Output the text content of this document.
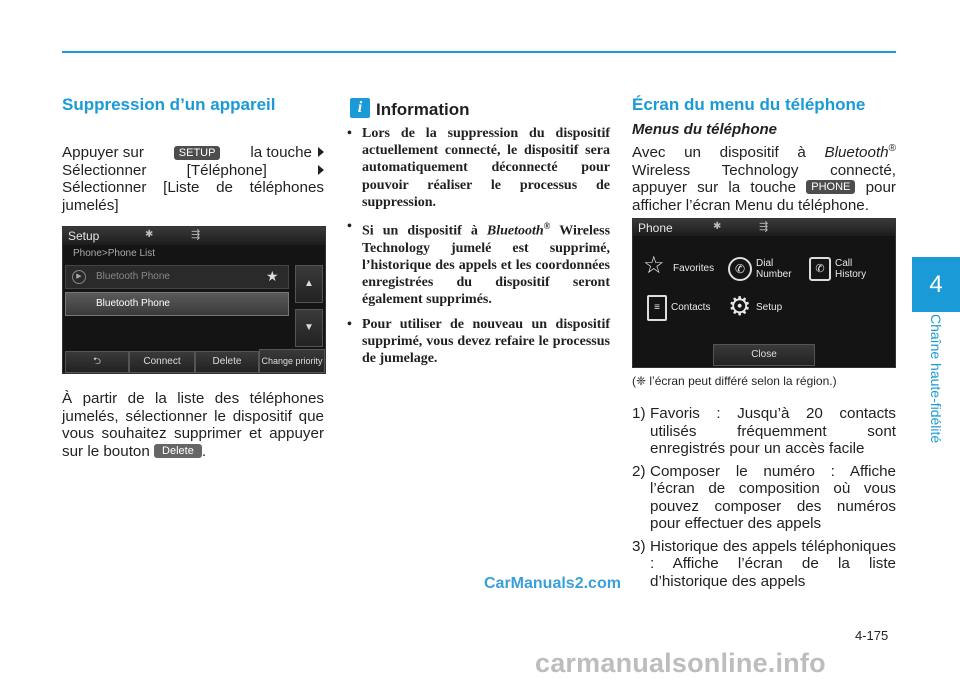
4
Chaîne haute-fidélité
Suppression d’un appareil
Appuyer sur	SETUP	la touche
Sélectionner [Téléphone]
Sélectionner [Liste de téléphones jumelés]
Setup	✱	⇶
Phone>Phone List
▶	Bluetooth Phone	★
Bluetooth Phone
▲
▼
⮌	Connect	Delete	Change priority
À partir de la liste des téléphones jumelés, sélectionner le dispositif que vous souhaitez supprimer et appuyer sur le bouton Delete .
i Information
• Lors de la suppression du dispositif actuellement connecté, le dispositif sera automatiquement déconnecté pour pouvoir réaliser le processus de suppression.
• Si un dispositif à Bluetooth® Wireless Technology jumelé est supprimé, l’historique des appels et les coordonnées enregistrées du dispositif seront également supprimés.
• Pour utiliser de nouveau un dispositif supprimé, vous devez refaire le processus de jumelage.
Écran du menu du téléphone
Menus du téléphone
Avec un dispositif à Bluetooth® Wireless Technology connecté, appuyer sur la touche PHONE pour afficher l’écran Menu du téléphone.
Phone	✱	⇶
☆ Favorites	✆	Dial Number	✆	Call History
≡	Contacts ⚙ Setup
Close
(❈ l’écran peut différé selon la région.)
1) Favoris : Jusqu’à 20 contacts utilisés fréquemment sont enregistrés pour un accès facile
2) Composer le numéro : Affiche l’écran de composition où vous pouvez composer des numéros pour effectuer des appels
3) Historique des appels téléphoniques : Affiche l’écran de la liste d’historique des appels
CarManuals2.com
4-175
carmanualsonline.info
